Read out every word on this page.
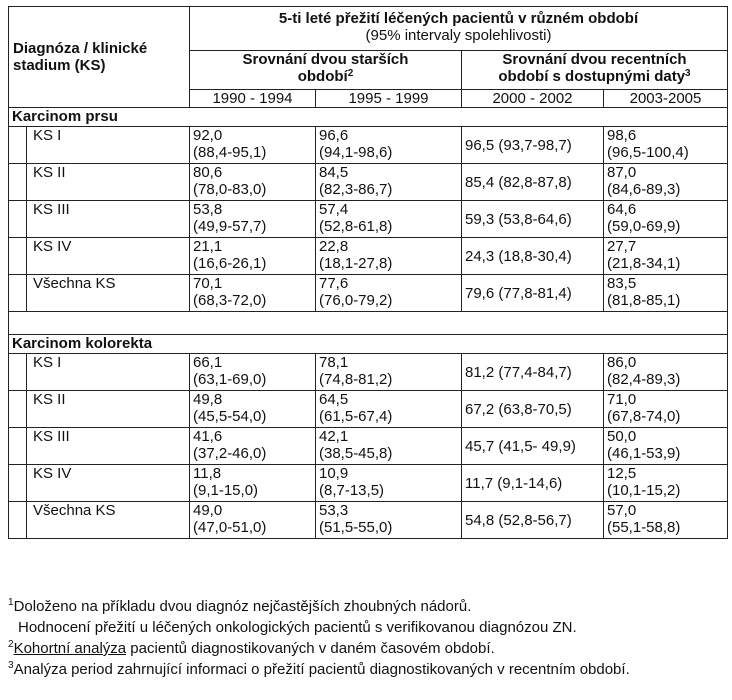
Diagnóza / klinické
stadium (KS)		5-ti leté přežití léčených pacientů v různém období
(95% intervaly spolehlivosti)			
		Srovnání dvou starších
období$^2$		Srovnání dvou recentních
období s dostupnými daty$^3$
		1990 - 1994	1995 - 1999	2000 - 2002	2003-2005
Karcinom prsu					
	KS I	92,0
(88,4-95,1)	96,6
(94,1-98,6)	96,5 (93,7-98,7)	98,6
(96,5-100,4)
	KS II	80,6
(78,0-83,0)	84,5
(82,3-86,7)	85,4 (82,8-87,8)	87,0
(84,6-89,3)
	KS III	53,8
(49,9-57,7)	57,4
(52,8-61,8)	59,3 (53,8-64,6)	64,6
(59,0-69,9)
	KS IV	21,1
(16,6-26,1)	22,8
(18,1-27,8)	24,3 (18,8-30,4)	27,7
(21,8-34,1)
	Všechna KS	70,1
(68,3-72,0)	77,6
(76,0-79,2)	79,6 (77,8-81,4)	83,5
(81,8-85,1)

Karcinom kolorekta					
	KS I	66,1
(63,1-69,0)	78,1
(74,8-81,2)	81,2 (77,4-84,7)	86,0
(82,4-89,3)
	KS II	49,8
(45,5-54,0)	64,5
(61,5-67,4)	67,2 (63,8-70,5)	71,0
(67,8-74,0)
	KS III	41,6
(37,2-46,0)	42,1
(38,5-45,8)	45,7 (41,5- 49,9)	50,0
(46,1-53,9)
	KS IV	11,8
(9,1-15,0)	10,9
(8,7-13,5)	11,7 (9,1-14,6)	12,5
(10,1-15,2)
	Všechna KS	49,0
(47,0-51,0)	53,3
(51,5-55,0)	54,8 (52,8-56,7)	57,0
(55,1-58,8)

$^1$Doloženo na příkladu dvou diagnóz nejčastějších zhoubných nádorů.

Hodnocení přežití u léčených onkologických pacientů s verifikovanou diagnózou ZN.

$^2$Kohortní analýza pacientů diagnostikovaných v daném časovém období.

$^3$Analýza period zahrnující informaci o přežití pacientů diagnostikovaných v recentním období.
